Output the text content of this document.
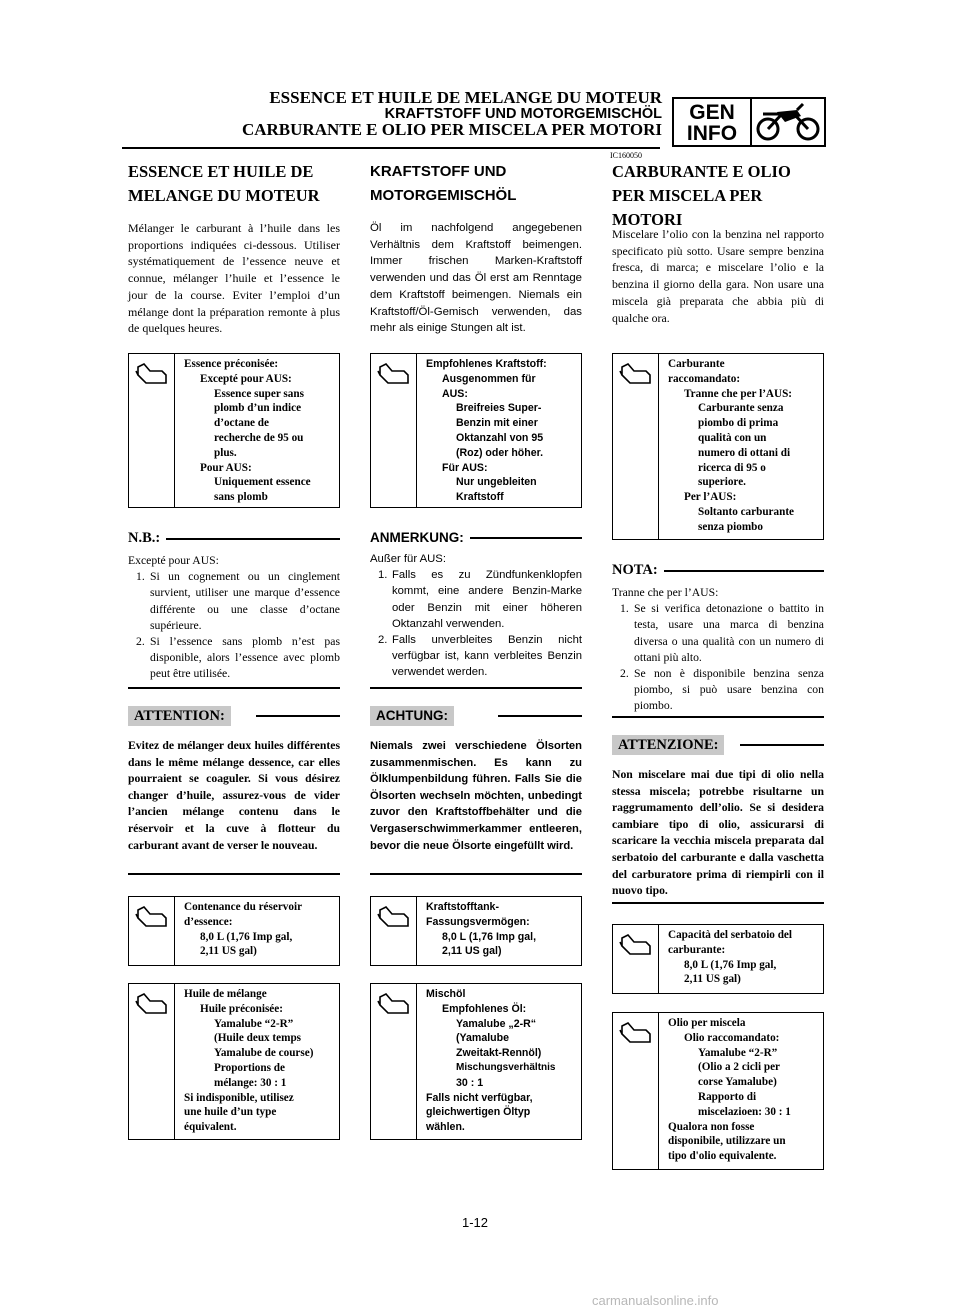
ESSENCE ET HUILE DE MELANGE DU MOTEUR
KRAFTSTOFF UND MOTORGEMISCHÖL
CARBURANTE E OLIO PER MISCELA PER MOTORI
GEN
INFO
IC160050
ESSENCE ET HUILE DE
MELANGE DU MOTEUR
Mélanger le carburant à l’huile dans les proportions indiquées ci-dessous. Utiliser systématiquement de l’essence neuve et connue, mélanger l’huile et l’essence le jour de la course. Eviter l’emploi d’un mélange dont la préparation remonte à plus de quelques heures.
Essence préconisée:
Excepté pour AUS:
Essence super sans
plomb d’un indice
d’octane de
recherche de 95 ou
plus.
Pour AUS:
Uniquement essence
sans plomb
N.B.:
Excepté pour AUS:
1. Si un cognement ou un cinglement survient, utiliser une marque d’essence différente ou une classe d’octane supérieure.
2. Si l’essence sans plomb n’est pas disponible, alors l’essence avec plomb peut être utilisée.
ATTENTION:
Evitez de mélanger deux huiles différentes dans le même mélange dessence, car elles pourraient se coaguler. Si vous désirez changer d’huile, assurez-vous de vider l’ancien mélange contenu dans le réservoir et la cuve à flotteur du carburant avant de verser le nouveau.
Contenance du réservoir
d’essence:
8,0 L (1,76 Imp gal,
2,11 US gal)
Huile de mélange
Huile préconisée:
Yamalube “2-R”
(Huile deux temps
Yamalube de course)
Proportions de
mélange: 30 : 1
Si indisponible, utilisez
une huile d’un type
équivalent.
KRAFTSTOFF UND
MOTORGEMISCHÖL
Öl im nachfolgend angegebenen Verhältnis dem Kraftstoff beimengen. Immer frischen Marken-Kraftstoff verwenden und das Öl erst am Renntage dem Kraftstoff beimengen. Niemals ein Kraftstoff/Öl-Gemisch verwenden, das mehr als einige Stungen alt ist.
Empfohlenes Kraftstoff:
Ausgenommen für
AUS:
Breifreies Super-
Benzin mit einer
Oktanzahl von 95
(Roz) oder höher.
Für AUS:
Nur ungebleiten
Kraftstoff
ANMERKUNG:
Außer für AUS:
1. Falls es zu Zündfunkenklopfen kommt, eine andere Benzin-Marke oder Benzin mit einer höheren Oktanzahl verwenden.
2. Falls unverbleites Benzin nicht verfügbar ist, kann verbleites Benzin verwendet werden.
ACHTUNG:
Niemals zwei verschiedene Ölsorten zusammenmischen. Es kann zu Ölklumpenbildung führen. Falls Sie die Ölsorten wechseln möchten, unbedingt zuvor den Kraftstoffbehälter und die Vergaserschwimmerkammer entleeren, bevor die neue Ölsorte eingefüllt wird.
Kraftstofftank-
Fassungsvermögen:
8,0 L (1,76 Imp gal,
2,11 US gal)
Mischöl
Empfohlenes Öl:
Yamalube „2-R“
(Yamalube
Zweitakt-Rennöl)
Mischungsverhältnis
30 : 1
Falls nicht verfügbar,
gleichwertigen Öltyp
wählen.
CARBURANTE E OLIO
PER MISCELA PER
MOTORI
Miscelare l’olio con la benzina nel rapporto specificato più sotto. Usare sempre benzina fresca, di marca; e miscelare l’olio e la benzina il giorno della gara. Non usare una miscela già preparata che abbia più di qualche ora.
Carburante
raccomandato:
Tranne che per l’AUS:
Carburante senza
piombo di prima
qualità con un
numero di ottani di
ricerca di 95 o
superiore.
Per l’AUS:
Soltanto carburante
senza piombo
NOTA:
Tranne che per l’AUS:
1. Se si verifica detonazione o battito in testa, usare una marca di benzina diversa o una qualità con un numero di ottani più alto.
2. Se non è disponibile benzina senza piombo, si può usare benzina con piombo.
ATTENZIONE:
Non miscelare mai due tipi di olio nella stessa miscela; potrebbe risultarne un raggrumamento dell’olio. Se si desidera cambiare tipo di olio, assicurarsi di scaricare la vecchia miscela preparata dal serbatoio del carburante e dalla vaschetta del carburatore prima di riempirli con il nuovo tipo.
Capacità del serbatoio del
carburante:
8,0 L (1,76 Imp gal,
2,11 US gal)
Olio per miscela
Olio raccomandato:
Yamalube “2-R”
(Olio a 2 cicli per
corse Yamalube)
Rapporto di
miscelazioen: 30 : 1
Qualora non fosse
disponibile, utilizzare un
tipo d'olio equivalente.
1-12
carmanualsonline.info
